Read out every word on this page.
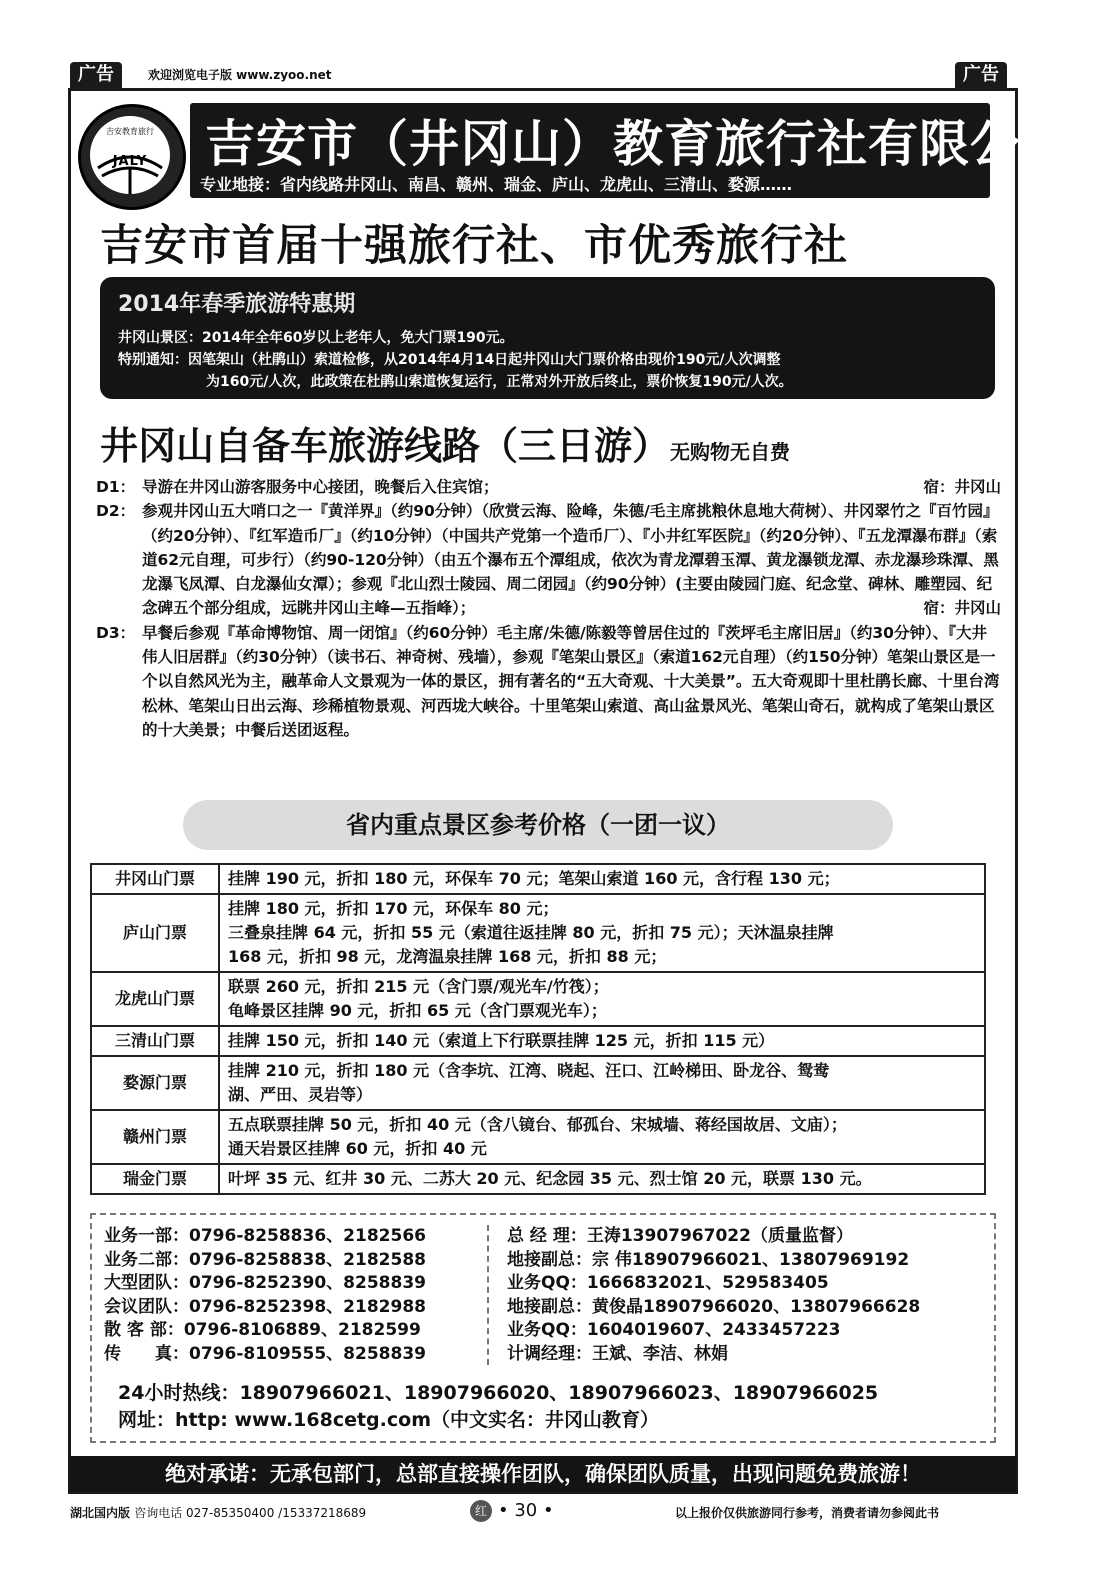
广告	欢迎浏览电子版 www.zyoo.net	广告
吉安教育旅行
JALY	吉安市（井冈山）教育旅行社有限公司
专业地接：省内线路井冈山、南昌、赣州、瑞金、庐山、龙虎山、三清山、婺源……
吉安市首届十强旅行社、市优秀旅行社
2014年春季旅游特惠期
井冈山景区：2014年全年60岁以上老年人，免大门票190元。
特别通知：因笔架山（杜鹃山）索道检修，从2014年4月14日起井冈山大门票价格由现价190元/人次调整
为160元/人次，此政策在杜鹃山索道恢复运行，正常对外开放后终止，票价恢复190元/人次。
井冈山自备车旅游线路（三日游）无购物无自费
D1： 导游在井冈山游客服务中心接团，晚餐后入住宾馆；	宿：井冈山
D2： 参观井冈山五大哨口之一『黄洋界』（约90分钟）（欣赏云海、险峰，朱德/毛主席挑粮休息地大荷树）、井冈翠竹之『百竹园』（约20分钟）、『红军造币厂』（约10分钟）（中国共产党第一个造币厂）、『小井红军医院』（约20分钟）、『五龙潭瀑布群』（索道62元自理，可步行）（约90-120分钟）（由五个瀑布五个潭组成，依次为青龙潭碧玉潭、黄龙瀑锁龙潭、赤龙瀑珍珠潭、黑龙瀑飞凤潭、白龙瀑仙女潭）；参观『北山烈士陵园、周二闭园』（约90分钟）(主要由陵园门庭、纪念堂、碑林、雕塑园、纪念碑五个部分组成，远眺井冈山主峰—五指峰）；	宿：井冈山
D3： 早餐后参观『革命博物馆、周一闭馆』（约60分钟）毛主席/朱德/陈毅等曾居住过的『茨坪毛主席旧居』（约30分钟）、『大井伟人旧居群』（约30分钟）（读书石、神奇树、残墙），参观『笔架山景区』（索道162元自理）（约150分钟）笔架山景区是一个以自然风光为主，融革命人文景观为一体的景区，拥有著名的“五大奇观、十大美景”。五大奇观即十里杜鹃长廊、十里台湾松林、笔架山日出云海、珍稀植物景观、河西垅大峡谷。十里笔架山索道、高山盆景风光、笔架山奇石，就构成了笔架山景区的十大美景；中餐后送团返程。
省内重点景区参考价格（一团一议）
井冈山门票	挂牌 190 元，折扣 180 元，环保车 70 元；笔架山索道 160 元，含行程 130 元；

庐山门票	挂牌 180 元，折扣 170 元，环保车 80 元；
三叠泉挂牌 64 元，折扣 55 元（索道往返挂牌 80 元，折扣 75 元）；天沐温泉挂牌
168 元，折扣 98 元，龙湾温泉挂牌 168 元，折扣 88 元；

龙虎山门票	联票 260 元，折扣 215 元（含门票/观光车/竹筏）；
龟峰景区挂牌 90 元，折扣 65 元（含门票观光车）；

三清山门票	挂牌 150 元，折扣 140 元（索道上下行联票挂牌 125 元，折扣 115 元）

婺源门票	挂牌 210 元，折扣 180 元（含李坑、江湾、晓起、汪口、江岭梯田、卧龙谷、鸳鸯
湖、严田、灵岩等）

赣州门票	五点联票挂牌 50 元，折扣 40 元（含八镜台、郁孤台、宋城墙、蒋经国故居、文庙）；
通天岩景区挂牌 60 元，折扣 40 元

瑞金门票	叶坪 35 元、红井 30 元、二苏大 20 元、纪念园 35 元、烈士馆 20 元，联票 130 元。
业务一部：0796-8258836、2182566
业务二部：0796-8258838、2182588
大型团队：0796-8252390、8258839
会议团队：0796-8252398、2182988
散 客 部：0796-8106889、2182599
传　　真：0796-8109555、8258839
总 经 理：王涛13907967022（质量监督）
地接副总：宗 伟18907966021、13807969192
业务QQ：1666832021、529583405
地接副总：黄俊晶18907966020、13807966628
业务QQ：1604019607、2433457223
计调经理：王斌、李洁、林娟
24小时热线：18907966021、18907966020、18907966023、18907966025
网址：http: www.168cetg.com（中文实名：井冈山教育）
绝对承诺：无承包部门，总部直接操作团队，确保团队质量，出现问题免费旅游！
湖北国内版 咨询电话 027-85350400 /15337218689	红 • 30 •	以上报价仅供旅游同行参考，消费者请勿参阅此书
